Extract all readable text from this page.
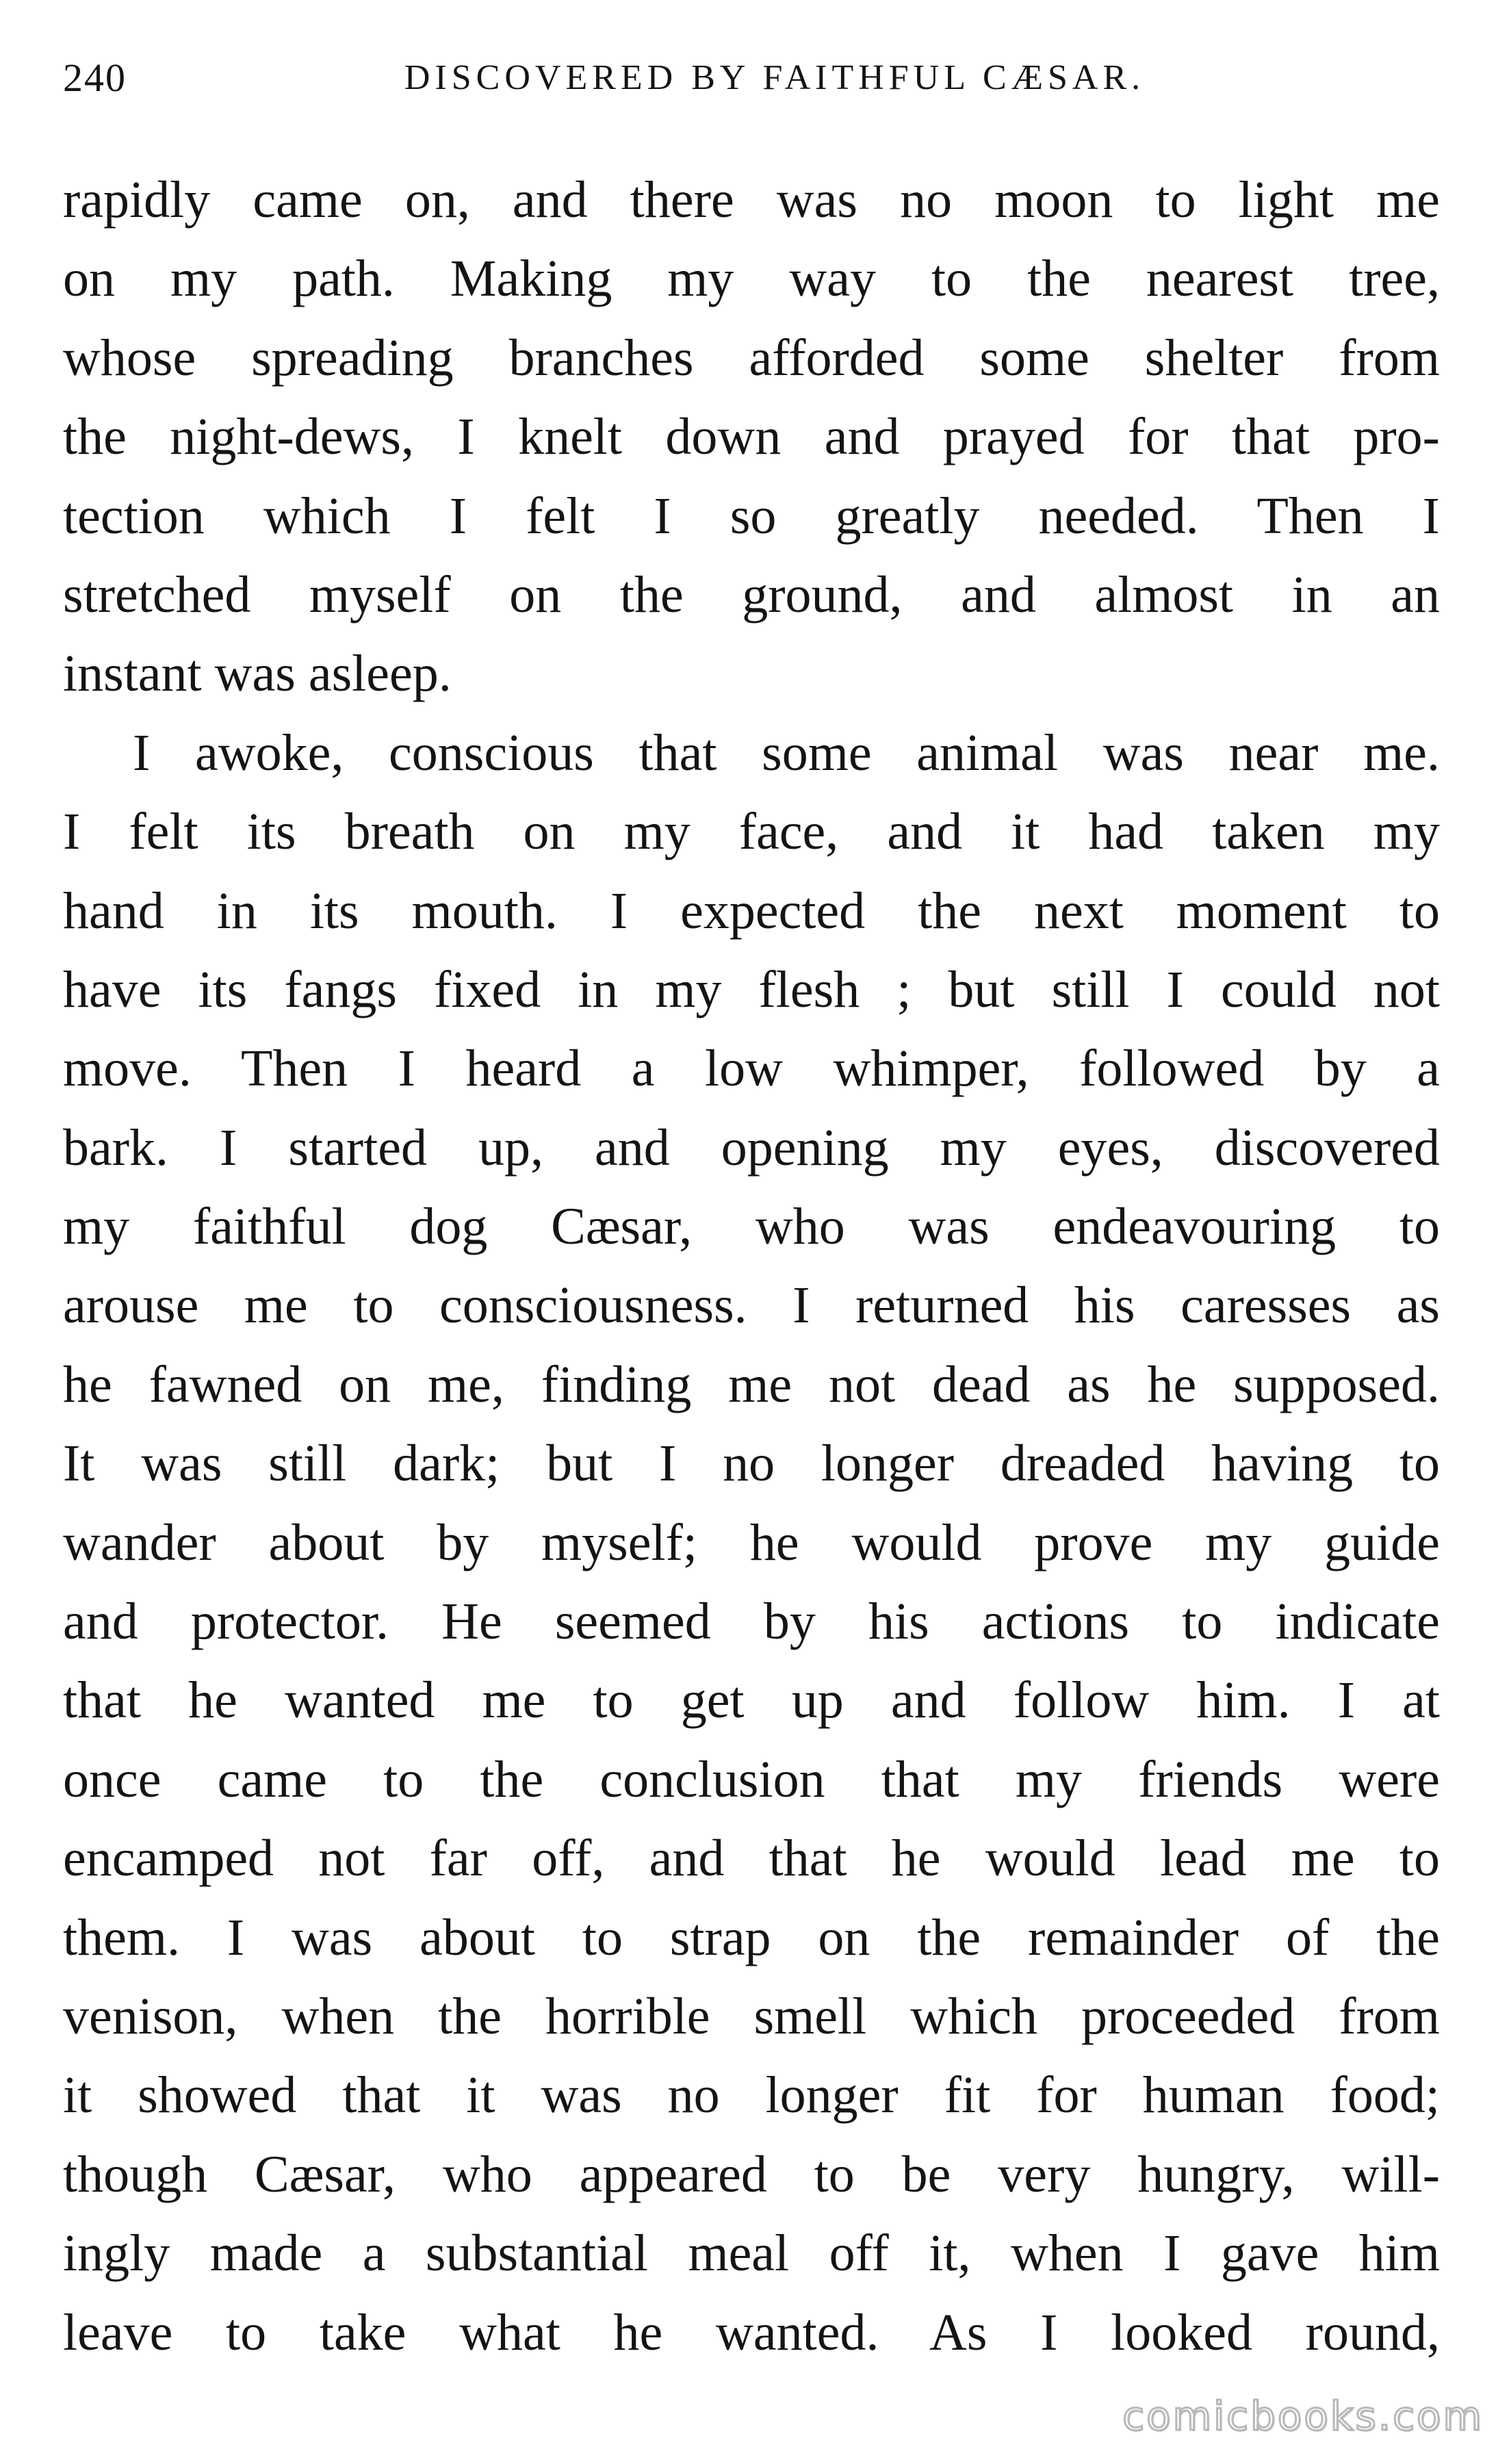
240	DISCOVERED BY FAITHFUL CÆSAR.
rapidly came on, and there was no moon to light me
on my path. Making my way to the nearest tree,
whose spreading branches afforded some shelter from
the night-dews, I knelt down and prayed for that pro-
tection which I felt I so greatly needed. Then I
stretched myself on the ground, and almost in an
instant was asleep.
I awoke, conscious that some animal was near me.
I felt its breath on my face, and it had taken my
hand in its mouth. I expected the next moment to
have its fangs fixed in my flesh ; but still I could not
move. Then I heard a low whimper, followed by a
bark. I started up, and opening my eyes, discovered
my faithful dog Cæsar, who was endeavouring to
arouse me to consciousness. I returned his caresses as
he fawned on me, finding me not dead as he supposed.
It was still dark; but I no longer dreaded having to
wander about by myself; he would prove my guide
and protector. He seemed by his actions to indicate
that he wanted me to get up and follow him. I at
once came to the conclusion that my friends were
encamped not far off, and that he would lead me to
them. I was about to strap on the remainder of the
venison, when the horrible smell which proceeded from
it showed that it was no longer fit for human food;
though Cæsar, who appeared to be very hungry, will-
ingly made a substantial meal off it, when I gave him
leave to take what he wanted. As I looked round,
comicbooks.com
